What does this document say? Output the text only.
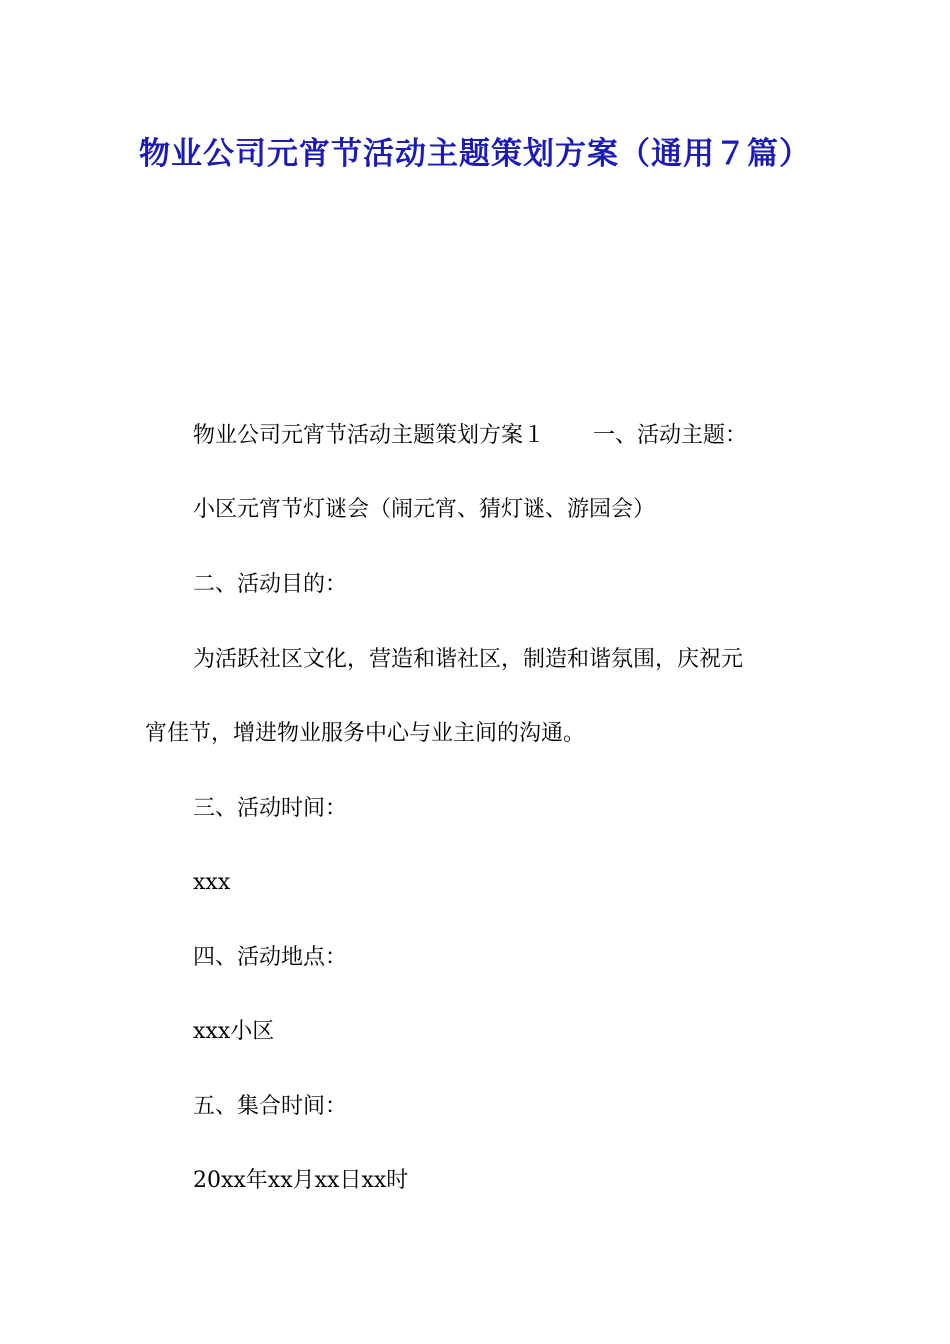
物业公司元宵节活动主题策划方案（通用７篇）

物业公司元宵节活动主题策划方案１ 一、活动主题：

小区元宵节灯谜会（闹元宵、猜灯谜、游园会）

二、活动目的：

为活跃社区文化，营造和谐社区，制造和谐氛围，庆祝元

宵佳节，增进物业服务中心与业主间的沟通。

三、活动时间：

xxx

四、活动地点：

xxx小区

五、集合时间：

20xx年xx月xx日xx时
